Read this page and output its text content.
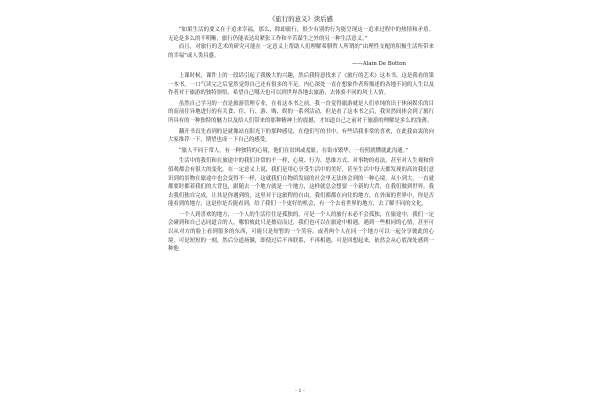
《旅行的意义》读后感

“如果生活的要义在于追求幸福，那么，除却旅行，很少有别的行为能呈现这一追求过程中的热情和矛盾。无论是多么的不明晰，旅行仍能表达出紧张工作和辛苦谋生之外的另一种生活意义。”

而且，对旅行的艺术的研究可能在一定意义上帮助人们理解希腊哲人所谓的“由理性支配的积极生活所带来的幸福”或人类昌盛。

——Alain De Botton

上课时候，课件上的一段话引起了我极大的兴趣，然后我特意找来了《旅行的艺术》这本书，这是我看的第一本书。一口气读完之后觉然觉得自己还有很多的不足。内心深处一直在想象作者所描述的各地不同的人生以及作者对于旅游的独特领悟，希望自己哪天也可以到世界各地去旅游，去体验不同的风土人情。

虽然自己学习的一直是旅游管理专业，在看这本书之前，我一直觉得旅游就是人们单纯的出于休闲娱乐的目的而前往异地进行的有关食、住、行、游、购、娱的一系列活动，但是看了这本书之后，我突然间体会到了旅行所具有的一种独特的魅力以及给人们带来的那种精神上的震撼，才知道自己之前对于旅游的理解是多么的浅薄。

翻开书首先看到的是就像站在阳光下的那种感觉，在他们写的书中，有些话我非常的喜欢，在此我由衷的向大家推荐一下，期望也成一下自己的感受。

“旅人不同于常人，有一种独特的心境，他们在贫困或羞耻，在街市繁华，一份照就懂就此沟通。”

生活中的我们和在旅途中的我们并常的不一样，心境、行为、思维方式、对事物的看法，甚至对人生观和价值观都会有很大的变化。在一定意义上说，我们是用心享受生活中的美好，甚至生活中每天都发现的高耸我们意识到的景物在旅途中也会变得不一样，这就我们在物质发展的社会里无法体会到的一种心境。从小到大，一直就都要时都着我们的大背包，跟随去一个地方就是一个地方，这样就总会想要一个新的大背，在我们做到世界，我去我们独自完成，让其是你遇到的，这里对于这旅程的自由，我们都都在向往的地方，在外面的世界中，你是否能看到的地方，这是你是否能看到，给了我们一个更好的机会，有一个去看世界的地方，去了解不同的文化。

一个人到喜欢的地方，一个人的生活往往是孤独的，可是一个人的旅行未必不会孤独，在旅途中，我们一定会碰到和自己志同道合的人，哪怕彼此只是擦肩而过，我们也可以在旅途中相遇，遇到一些相同的心情，甚至可以从对方的脸上看到很多的东西，可能只是短暂的一个笑容，或者两个人在同一个地方可以一起分享彼此的心境，可是短短的一刻，然后分道扬镳，即使过后不再联系，不再相遇，可是回想起来，依然会从心底深处感到一种他

- 1 -
